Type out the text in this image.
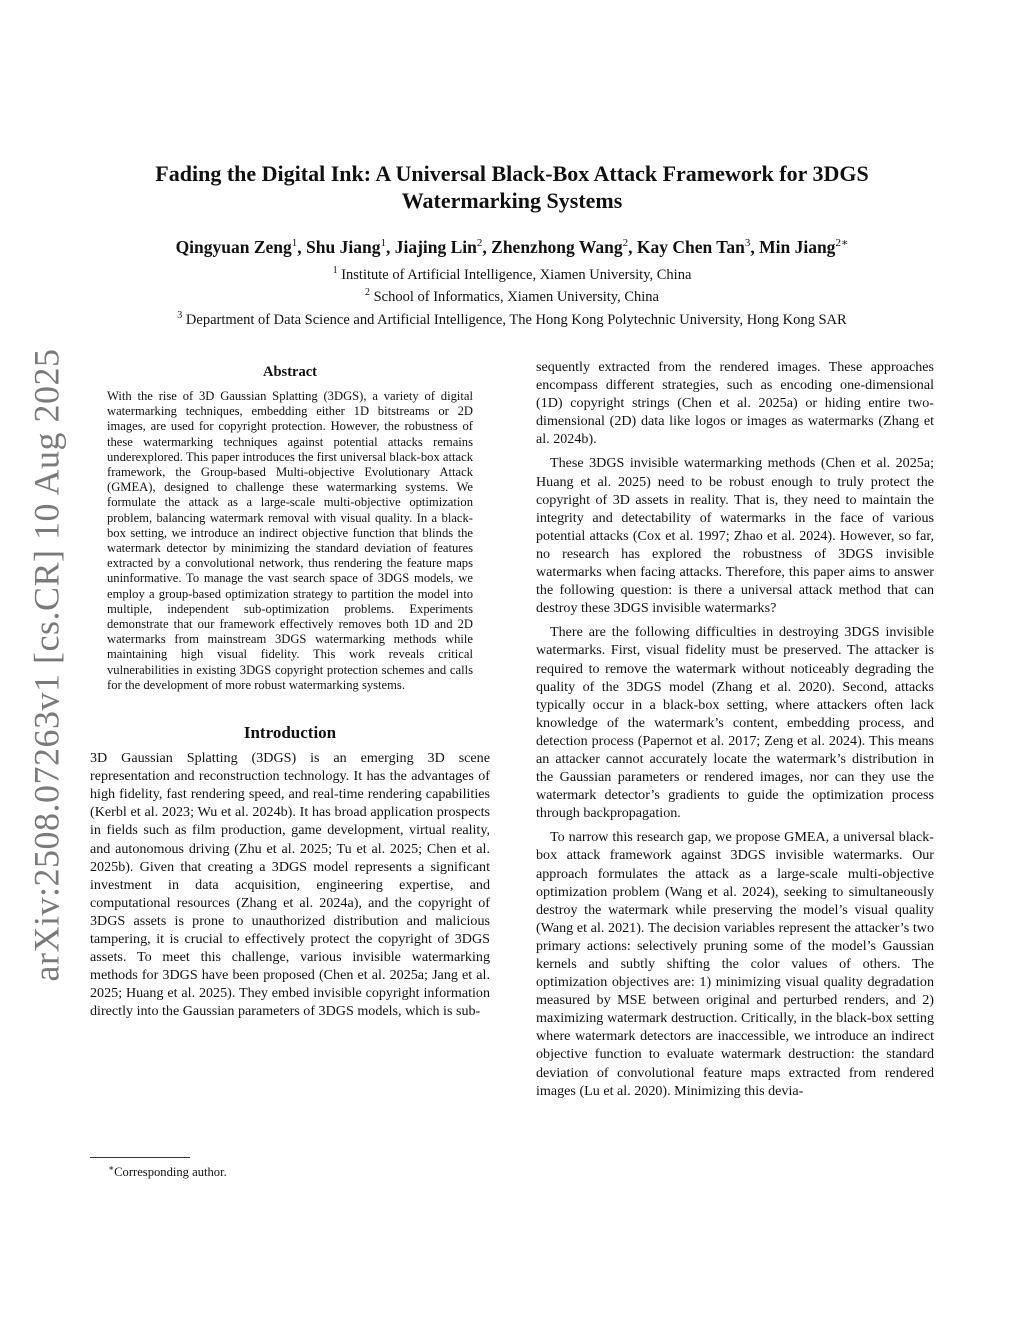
arXiv:2508.07263v1 [cs.CR] 10 Aug 2025
Fading the Digital Ink: A Universal Black-Box Attack Framework for 3DGS Watermarking Systems
Qingyuan Zeng$^1$, Shu Jiang$^1$, Jiajing Lin$^2$, Zhenzhong Wang$^2$, Kay Chen Tan$^3$, Min Jiang$^{2∗}$
$^1$ Institute of Artificial Intelligence, Xiamen University, China
$^2$ School of Informatics, Xiamen University, China
$^3$ Department of Data Science and Artificial Intelligence, The Hong Kong Polytechnic University, Hong Kong SAR
Abstract

With the rise of 3D Gaussian Splatting (3DGS), a variety of digital watermarking techniques, embedding either 1D bitstreams or 2D images, are used for copyright protection. However, the robustness of these watermarking techniques against potential attacks remains underexplored. This paper introduces the first universal black-box attack framework, the Group-based Multi-objective Evolutionary Attack (GMEA), designed to challenge these watermarking systems. We formulate the attack as a large-scale multi-objective optimization problem, balancing watermark removal with visual quality. In a black-box setting, we introduce an indirect objective function that blinds the watermark detector by minimizing the standard deviation of features extracted by a convolutional network, thus rendering the feature maps uninformative. To manage the vast search space of 3DGS models, we employ a group-based optimization strategy to partition the model into multiple, independent sub-optimization problems. Experiments demonstrate that our framework effectively removes both 1D and 2D watermarks from mainstream 3DGS watermarking methods while maintaining high visual fidelity. This work reveals critical vulnerabilities in existing 3DGS copyright protection schemes and calls for the development of more robust watermarking systems.

Introduction

3D Gaussian Splatting (3DGS) is an emerging 3D scene representation and reconstruction technology. It has the advantages of high fidelity, fast rendering speed, and real-time rendering capabilities (Kerbl et al. 2023; Wu et al. 2024b). It has broad application prospects in fields such as film production, game development, virtual reality, and autonomous driving (Zhu et al. 2025; Tu et al. 2025; Chen et al. 2025b). Given that creating a 3DGS model represents a significant investment in data acquisition, engineering expertise, and computational resources (Zhang et al. 2024a), and the copyright of 3DGS assets is prone to unauthorized distribution and malicious tampering, it is crucial to effectively protect the copyright of 3DGS assets. To meet this challenge, various invisible watermarking methods for 3DGS have been proposed (Chen et al. 2025a; Jang et al. 2025; Huang et al. 2025). They embed invisible copyright information directly into the Gaussian parameters of 3DGS models, which is sub-

sequently extracted from the rendered images. These approaches encompass different strategies, such as encoding one-dimensional (1D) copyright strings (Chen et al. 2025a) or hiding entire two-dimensional (2D) data like logos or images as watermarks (Zhang et al. 2024b).

These 3DGS invisible watermarking methods (Chen et al. 2025a; Huang et al. 2025) need to be robust enough to truly protect the copyright of 3D assets in reality. That is, they need to maintain the integrity and detectability of watermarks in the face of various potential attacks (Cox et al. 1997; Zhao et al. 2024). However, so far, no research has explored the robustness of 3DGS invisible watermarks when facing attacks. Therefore, this paper aims to answer the following question: is there a universal attack method that can destroy these 3DGS invisible watermarks?

There are the following difficulties in destroying 3DGS invisible watermarks. First, visual fidelity must be preserved. The attacker is required to remove the watermark without noticeably degrading the quality of the 3DGS model (Zhang et al. 2020). Second, attacks typically occur in a black-box setting, where attackers often lack knowledge of the watermark’s content, embedding process, and detection process (Papernot et al. 2017; Zeng et al. 2024). This means an attacker cannot accurately locate the watermark’s distribution in the Gaussian parameters or rendered images, nor can they use the watermark detector’s gradients to guide the optimization process through backpropagation.

To narrow this research gap, we propose GMEA, a universal black-box attack framework against 3DGS invisible watermarks. Our approach formulates the attack as a large-scale multi-objective optimization problem (Wang et al. 2024), seeking to simultaneously destroy the watermark while preserving the model’s visual quality (Wang et al. 2021). The decision variables represent the attacker’s two primary actions: selectively pruning some of the model’s Gaussian kernels and subtly shifting the color values of others. The optimization objectives are: 1) minimizing visual quality degradation measured by MSE between original and perturbed renders, and 2) maximizing watermark destruction. Critically, in the black-box setting where watermark detectors are inaccessible, we introduce an indirect objective function to evaluate watermark destruction: the standard deviation of convolutional feature maps extracted from rendered images (Lu et al. 2020). Minimizing this devia-

∗Corresponding author.
